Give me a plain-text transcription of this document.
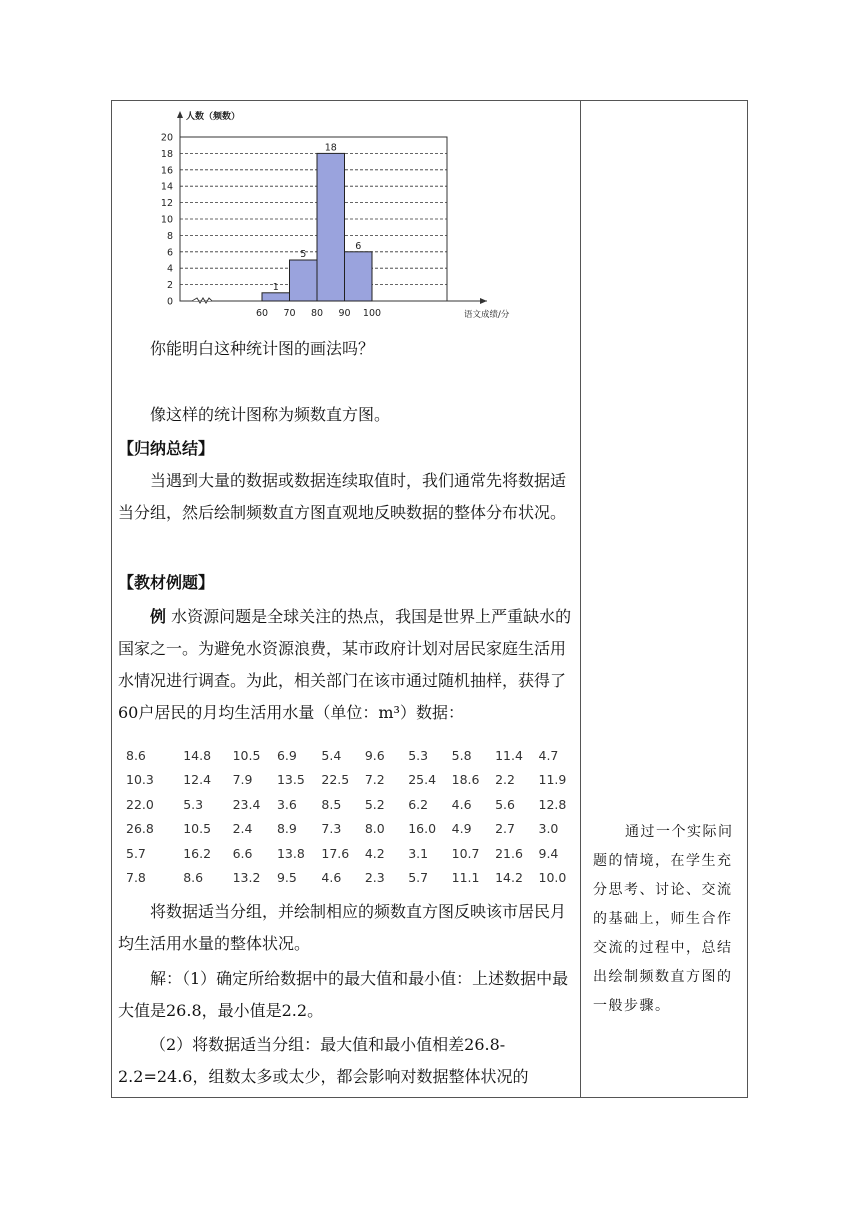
20
18
16
14
12
10
8
6
4
2
0
人数（频数）
语文成绩/分
1
5
18
6
60 70 80 90 100
你能明白这种统计图的画法吗？
像这样的统计图称为频数直方图。
【归纳总结】
当遇到大量的数据或数据连续取值时，我们通常先将数据适当分组，然后绘制频数直方图直观地反映数据的整体分布状况。
【教材例题】
例 水资源问题是全球关注的热点，我国是世界上严重缺水的国家之一。为避免水资源浪费，某市政府计划对居民家庭生活用水情况进行调查。为此，相关部门在该市通过随机抽样，获得了60户居民的月均生活用水量（单位：m³）数据：
8.6	14.8	10.5	6.9	5.4	9.6	5.3	5.8	11.4	4.7
10.3	12.4	7.9	13.5	22.5	7.2	25.4	18.6	2.2	11.9
22.0	5.3	23.4	3.6	8.5	5.2	6.2	4.6	5.6	12.8
26.8	10.5	2.4	8.9	7.3	8.0	16.0	4.9	2.7	3.0
5.7	16.2	6.6	13.8	17.6	4.2	3.1	10.7	21.6	9.4
7.8	8.6	13.2	9.5	4.6	2.3	5.7	11.1	14.2	10.0
将数据适当分组，并绘制相应的频数直方图反映该市居民月均生活用水量的整体状况。
解：（1）确定所给数据中的最大值和最小值：上述数据中最大值是26.8，最小值是2.2。
（2）将数据适当分组：最大值和最小值相差26.8-2.2=24.6，组数太多或太少，都会影响对数据整体状况的
通过一个实际问题的情境，在学生充分思考、讨论、交流的基础上，师生合作交流的过程中，总结出绘制频数直方图的一般步骤。
